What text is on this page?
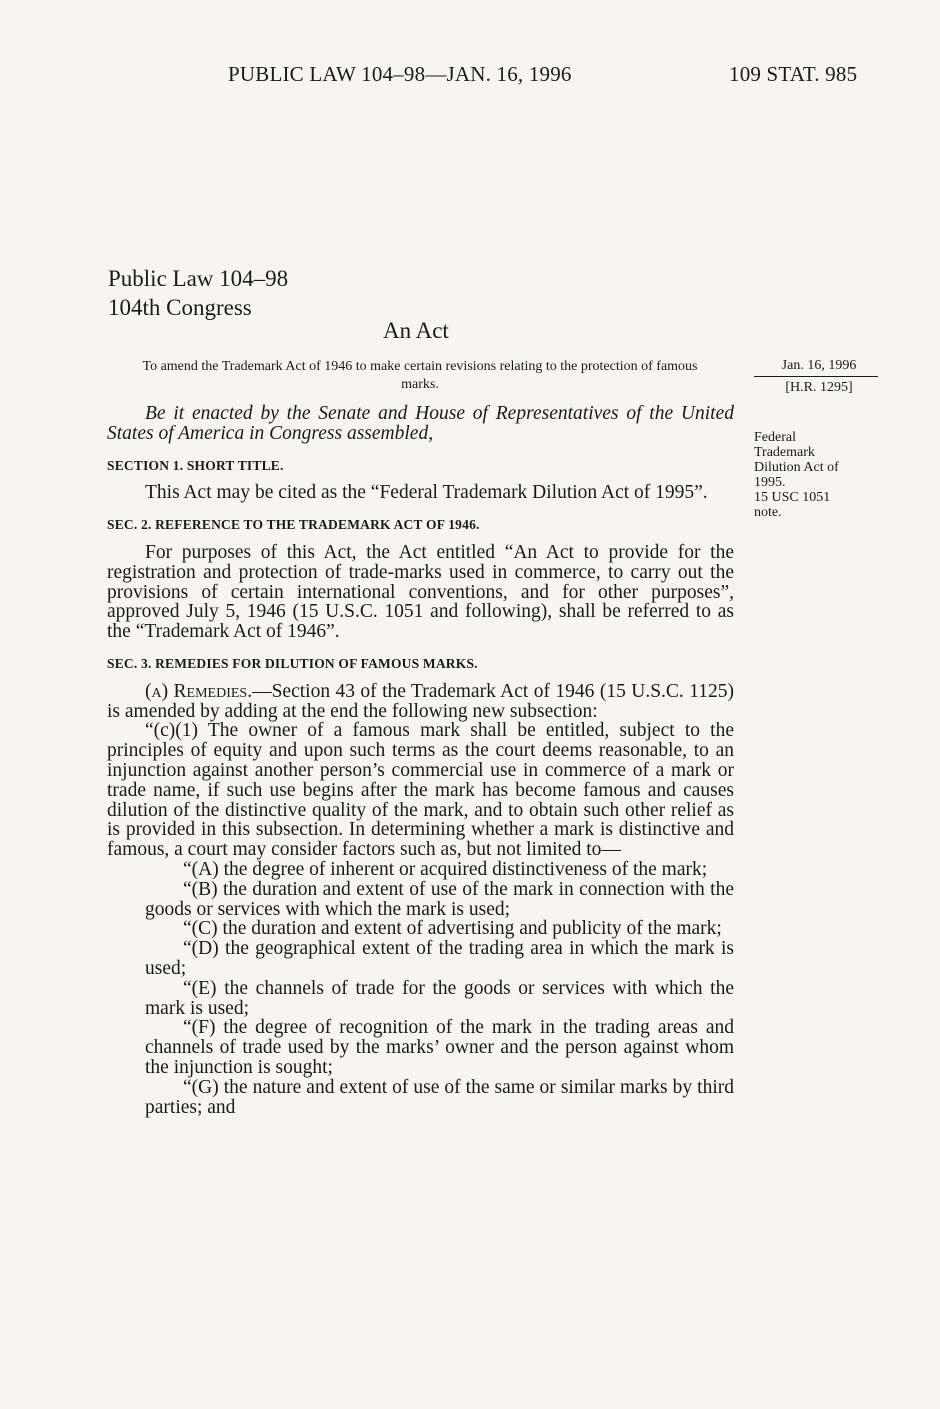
PUBLIC LAW 104–98—JAN. 16, 1996	109 STAT. 985
Public Law 104–98
104th Congress
An Act
To amend the Trademark Act of 1946 to make certain revisions relating to the protection of famous marks.
Jan. 16, 1996
[H.R. 1295]
Federal
Trademark
Dilution Act of
1995.
15 USC 1051
note.

Be it enacted by the Senate and House of Representatives of the United States of America in Congress assembled,

SECTION 1. SHORT TITLE.

This Act may be cited as the “Federal Trademark Dilution Act of 1995”.

SEC. 2. REFERENCE TO THE TRADEMARK ACT OF 1946.

For purposes of this Act, the Act entitled “An Act to provide for the registration and protection of trade-marks used in commerce, to carry out the provisions of certain international conventions, and for other purposes”, approved July 5, 1946 (15 U.S.C. 1051 and following), shall be referred to as the “Trademark Act of 1946”.

SEC. 3. REMEDIES FOR DILUTION OF FAMOUS MARKS.

(a) Remedies.—Section 43 of the Trademark Act of 1946 (15 U.S.C. 1125) is amended by adding at the end the following new subsection:

“(c)(1) The owner of a famous mark shall be entitled, subject to the principles of equity and upon such terms as the court deems reasonable, to an injunction against another person’s commercial use in commerce of a mark or trade name, if such use begins after the mark has become famous and causes dilution of the distinctive quality of the mark, and to obtain such other relief as is provided in this subsection. In determining whether a mark is distinctive and famous, a court may consider factors such as, but not limited to—

“(A) the degree of inherent or acquired distinctiveness of the mark;

“(B) the duration and extent of use of the mark in connection with the goods or services with which the mark is used;

“(C) the duration and extent of advertising and publicity of the mark;

“(D) the geographical extent of the trading area in which the mark is used;

“(E) the channels of trade for the goods or services with which the mark is used;

“(F) the degree of recognition of the mark in the trading areas and channels of trade used by the marks’ owner and the person against whom the injunction is sought;

“(G) the nature and extent of use of the same or similar marks by third parties; and
